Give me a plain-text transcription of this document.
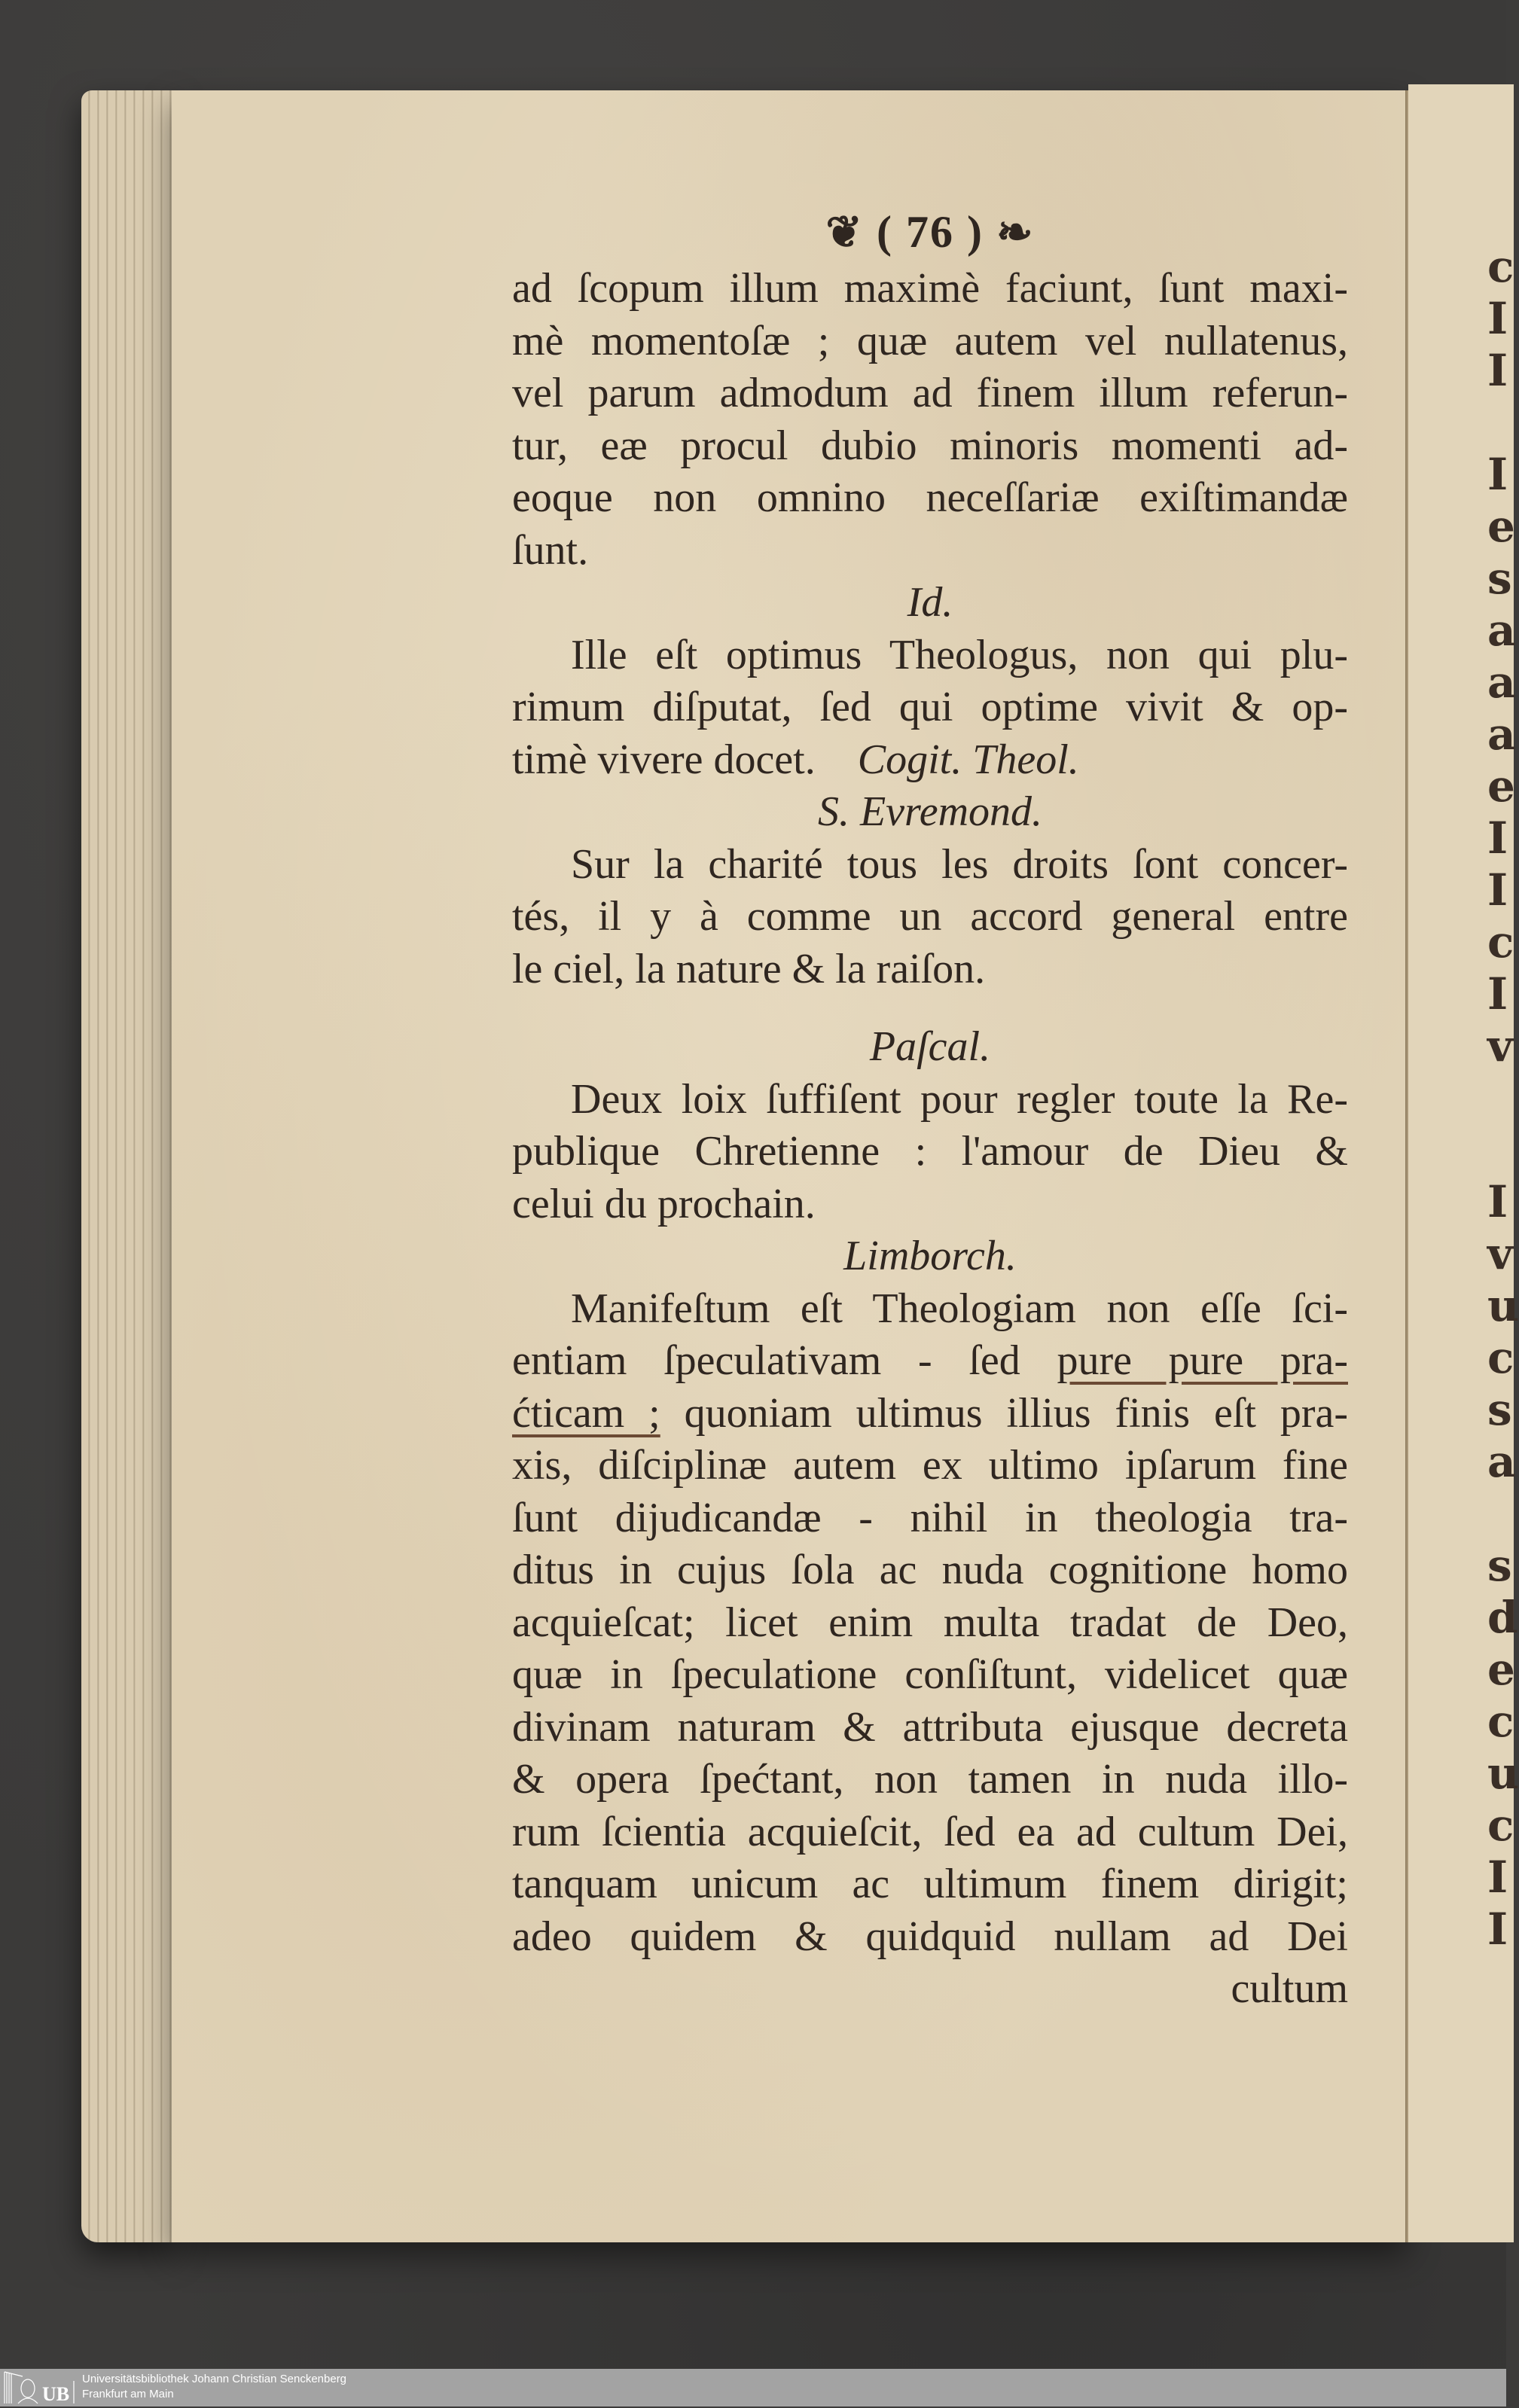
c
I
I
I
e
s
a
a
a
e
I
I
c
I
v
I
v
u
c
s
a
s
d
e
c
u
c
I
I
❦ ( 76 ) ❧
ad ſcopum illum maximè faciunt, ſunt maxi-
mè momentoſæ ; quæ autem vel nullatenus,
vel parum admodum ad finem illum referun-
tur, eæ procul dubio minoris momenti ad-
eoque non omnino neceſſariæ exiſtimandæ
ſunt.
Id.
Ille eſt optimus Theologus, non qui plu-
rimum diſputat, ſed qui optime vivit & op-
timè vivere docet. Cogit. Theol.
S. Evremond.
Sur la charité tous les droits ſont concer-
tés, il y à comme un accord general entre
le ciel, la nature & la raiſon.
Paſcal.
Deux loix ſuffiſent pour regler toute la Re-
publique Chretienne : l'amour de Dieu &
celui du prochain.
Limborch.
Manifeſtum eſt Theologiam non eſſe ſci-
entiam ſpeculativam - ſed pure pure pra-
ćticam ; quoniam ultimus illius finis eſt pra-
xis, diſciplinæ autem ex ultimo ipſarum fine
ſunt dijudicandæ - nihil in theologia tra-
ditus in cujus ſola ac nuda cognitione homo
acquieſcat; licet enim multa tradat de Deo,
quæ in ſpeculatione conſiſtunt, videlicet quæ
divinam naturam & attributa ejusque decreta
& opera ſpećtant, non tamen in nuda illo-
rum ſcientia acquieſcit, ſed ea ad cultum Dei,
tanquam unicum ac ultimum finem dirigit;
adeo quidem & quidquid nullam ad Dei
cultum
UB
Universitätsbibliothek Johann Christian Senckenberg
Frankfurt am Main
